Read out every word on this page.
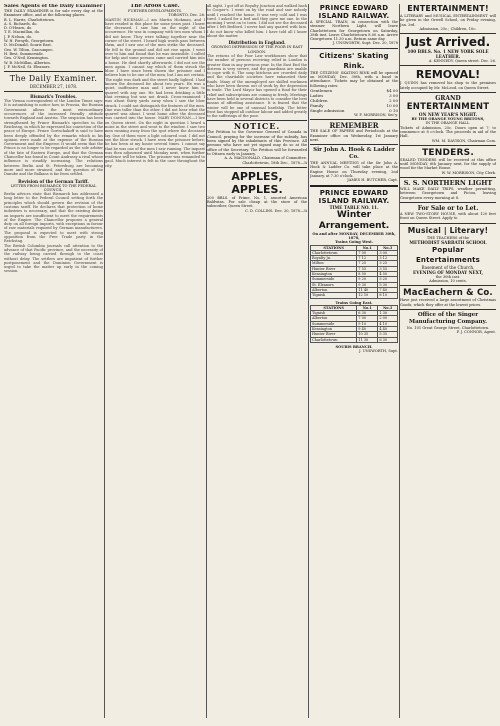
Sales Agents of the Daily Examiner
THE DAILY EXAMINER is for sale every day at the Examiner office, and at the following places:
B. L. Harris, Charlottetown.
A. S. Richards, do.
D. O'Hearn, do.
T. E. Macmillan, do.
J. P. Nelson, do.
W. H. Forsyth, Georgetown.
D. McDonald, Souris East.
Geo. W. Tilton, Cascumpec.
H. Best, Summerside.
Geo. O'Neil, Kensington.
W. B. McMillan, Alberton.
J. F. McNeil, St. Eleanors.
The Daily Examiner.
DECEMBER 27, 1878.
Bismark's Troubles.
The Vienna correspondent of the London Times says: It is astonishing to notice how, in Prussia, the Russian Government allows the most extraordinary occurrences of the increased friendly attitude towards England and Austria. The suspicion has been strengthened by Prince Bismark's speeches in the Reichstag, in which he expressed his conviction of the peace of Europe. Prince Gortschakoff is said to have been deeply offended by the remarks which in his opinion were made at the expense of the Russian Government and the Emperor. It would seem that the Prince is no longer to be regarded as the sole arbiter of the fate of Eastern Europe, and that the German Chancellor has found in Count Andrassy a rival whose influence is steadily increasing. The relations between Berlin and St. Petersburg are becoming more and more strained, and the question of the Danube and the Balkans is far from settled.
Revision of the German Tariff.
LETTER FROM BISMARCK TO THE FEDERAL COUNCIL.
Berlin advices state that Bismarck has addressed a long letter to the Federal Council setting forth the principles which should govern the revision of the customs tariff. He declares that protection of home industries is necessary, and that the existing duties on imports are insufficient to meet the requirements of the Empire. The Chancellor proposes a general duty on all foreign imports, with exceptions in favour of raw materials required by German manufacturers. The proposal is expected to meet with strong opposition from the Free Trade party in the Reichstag.
The British Columbia journals call attention to the advance of that Pacific province, and the necessity of the railway being carried through to the coast without delay. The settlers are impatient of further postponement and the Dominion Government is urged to take the matter up early in the coming session.
The Aroos Case.
FURTHER DEVELOPMENTS.
TORONTO, Dec. 26.
MARTIN HICKMAN.—I am Martin Hickman, and I have resided in this place for some years past. I knew the deceased. I saw him on the night of the occurrence. He was in company with two men whom I did not know. They were talking together near the corner of the street. I heard high words pass between them, and I saw one of the men strike the deceased. He fell to the ground and did not rise again. I went over to him and found that he was insensible. I called for help and some persons came and carried him into a house. He died shortly afterwards. I did not see the men again. I cannot say which of them struck the blow. I have since been shown the prisoner and I believe him to be one of the men, but I am not certain. The night was dark and the street badly lighted. I had known the deceased for about two years. He was a quiet, inoffensive man and I never knew him to quarrel with any one. He had been drinking a little that evening but was not drunk. Cross-examined: I was about thirty yards away when I saw the blow struck. I could not distinguish the features of the men. One was taller than the other. I did not hear what the quarrel was about. I went home after the deceased was carried into the house. MARY DONOVAN.—I live on Queen street. On the night in question I heard a noise in the street and went to the window. I saw two men running away from the spot where the deceased lay. One of them wore a light coloured coat. I did not see the blow struck. I have seen the prisoner before; he has been at my house several times. I cannot say that he was one of the men I saw running. The inquest was then adjourned until Monday next, when further evidence will be taken. The prisoner was remanded to gaol. Much interest is felt in the case throughout the city.
all night. I got off at Royalty Junction and walked back to Cooper's. I went on by the road and saw nobody until I reached the house. It was very cold and I was tired. I asked for a bed and they gave me one. In the morning I went on to town. I did not see the deceased after I left Bedford. I never had any quarrel with him. I do not know who killed him. I have told all I know about the matter.
Distribution in England.
GROWING DEPRESSION OF THE POOR IN EAST LONDON.
The returns of the Poor Law workhouses show that the number of persons receiving relief in London is greater than in any previous year. In the East End the distress is very severe, and the guardians are unable to cope with it. The soup kitchens are crowded daily and the charitable societies have exhausted their funds. Many of the unemployed are skilled workmen who have been thrown out of work by the depression in trade. The Lord Mayor has opened a fund for their relief and subscriptions are coming in freely. Meetings have been held in several districts to consider the best means of affording assistance. It is feared that the winter will be one of unusual hardship. The bitter frost has stopped all outdoor labour and added greatly to the sufferings of the poor.
NOTICE.
The Petition to the Governor General of Canada in Council, praying for the increase of the subsidy, has been signed by the inhabitants of this Province. All persons who have not yet signed may do so at the office of the Secretary. The Petition will be forwarded to Ottawa early in January.
A. A. MACDONALD. Chairman of Committee. Charlottetown, 18th Dec., 1878—3i
APPLES, APPLES.
200 BBLS. of Prime, No. 1, assorted American Baldwins. For sale cheap at the store of the subscriber, Queen Street.
C. D. COLLINS. Dec. 20, 1878—3i
PRINCE EDWARD ISLAND RAILWAY.
A SPECIAL TRAIN, in connection with the steamer Northern Light, will leave Charlottetown for Georgetown on Saturday, 28th inst. Leave Charlottetown 8.00 a.m. Arrive Georgetown 11.30 a.m. Return same day.
J. UNSWORTH, Supt. Dec. 20, 1878
Citizens' Skating Rink.
THE CITIZENS' SKATING RINK will be opened on MONDAY, Dec. 30th, with a band in attendance. Tickets may be obtained at the following rates:
Gentlemen	$4 00
Ladies	3 00
Children	2 00
Family	10 00
Single admission	0 10
W. F. MORRISON, Sec'y.
REMEMBER
THE SALE OF PAPERS and Periodicals at the Examiner office on Wednesday, 1st January next.
Sir John A. Hook & Ladder Co.
THE ANNUAL MEETING of the Sir John A. Hook & Ladder Co. will take place at the Engine House on Thursday evening, 2nd January, at 7.30 o'clock.
JAMES H. BUTCHER, Capt.
PRINCE EDWARD ISLAND RAILWAY.
TIME TABLE NO. 11.
Winter Arrangement.
On and after MONDAY, DECEMBER 30th, 1878,
Trains Going West.
STATIONS	No.1	No.3
Charlottetown	7 00	3 00
Royalty Jn.	7 12	3 12
Milton	7 25	3 25
Hunter River	7 55	3 55
Kensington	8 50	4 50
Summerside	9 20	5 20
St. Eleanors	9 30	5 30
Alberton	11 40	7 40
Tignish	12 10	8 10
Trains Going East.
STATIONS	No.1	No.3
Tignish	6 30	1 30
Alberton	7 00	2 00
Summerside	9 10	4 10
Kensington	9 40	4 40
Hunter River	10 35	5 35
Charlottetown	11 30	6 30
SOURIS BRANCH.
J. UNSWORTH, Supt.
ENTERTAINMENT!
A LITERARY and MUSICAL ENTERTAINMENT will be given in the Orwell School, on Friday evening, Jan. 3rd.
Admission, 25c.; Children, 10c.
Just Arrived.
100 BBLS. No. 1 NEW YORK SOLE LEATHER.
A. KENNEDY, Queen street. Dec. 26.
REMOVAL!
J. QUINN has removed his shop to the premises lately occupied by Mr. McLeod, on Queen Street.
GRAND
ENTERTAINMENT
ON NEW YEAR'S NIGHT.
BY THE ORANGE YOUNG BRITONS,
IN THE ORANGE HALL.
Tickets of Admission, 25c. Doors open at 7; to commence at 8 o'clock. The proceeds in aid of the Hall.
WM. M. DAVISON, Chairman Com.
TENDERS.
SEALED TENDERS will be received at this office until MONDAY, 6th January next, for the supply of wood for the Market House.
W. W. MORRISON, City Clerk.
S. S. NORTHERN LIGHT
WILL MAKE DAILY TRIPS, weather permitting, between Georgetown and Pictou, leaving Georgetown every morning at 8.
For Sale or to Let.
A NEW TWO-STORY HOUSE, with about 120 feet front on Queen Street. Apply to
Musical | Literary!
THE TEACHERS of the
METHODIST SABBATH SCHOOL
Popular Entertainments
Basement of the Church,
EVENING OF MONDAY NEXT,
the 30th inst.
Admission, 10 cents.
MacEachern & Co.
Have just received a large assortment of Christmas Goods, which they offer at the lowest prices.
Office of the Singer Manufacturing Company.
No. 101 Great George Street, Charlottetown.
P. J. CONNOR, Agent.
